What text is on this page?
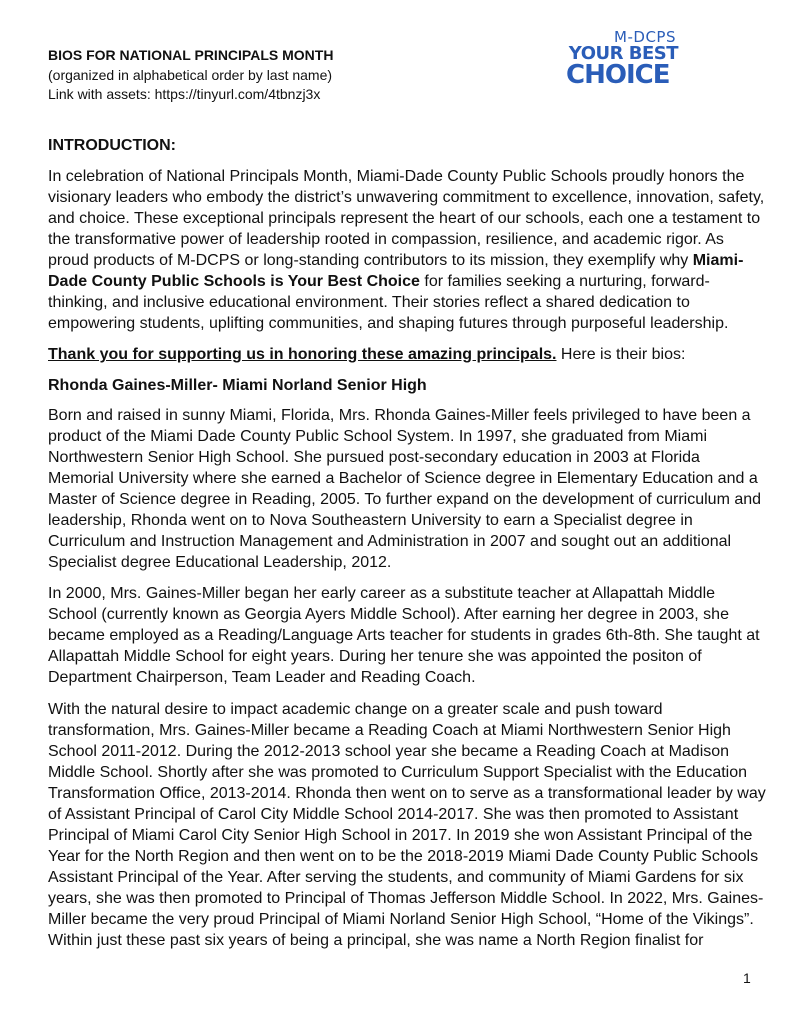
BIOS FOR NATIONAL PRINCIPALS MONTH
(organized in alphabetical order by last name)
Link with assets: https://tinyurl.com/4tbnzj3x
M-DCPS
YOUR BEST
CHOICE
INTRODUCTION:
In celebration of National Principals Month, Miami-Dade County Public Schools proudly honors the
visionary leaders who embody the district’s unwavering commitment to excellence, innovation, safety,
and choice. These exceptional principals represent the heart of our schools, each one a testament to
the transformative power of leadership rooted in compassion, resilience, and academic rigor. As
proud products of M-DCPS or long-standing contributors to its mission, they exemplify why Miami-
Dade County Public Schools is Your Best Choice for families seeking a nurturing, forward-
thinking, and inclusive educational environment. Their stories reflect a shared dedication to
empowering students, uplifting communities, and shaping futures through purposeful leadership.
Thank you for supporting us in honoring these amazing principals. Here is their bios:
Rhonda Gaines-Miller- Miami Norland Senior High
Born and raised in sunny Miami, Florida, Mrs. Rhonda Gaines-Miller feels privileged to have been a
product of the Miami Dade County Public School System. In 1997, she graduated from Miami
Northwestern Senior High School. She pursued post-secondary education in 2003 at Florida
Memorial University where she earned a Bachelor of Science degree in Elementary Education and a
Master of Science degree in Reading, 2005. To further expand on the development of curriculum and
leadership, Rhonda went on to Nova Southeastern University to earn a Specialist degree in
Curriculum and Instruction Management and Administration in 2007 and sought out an additional
Specialist degree Educational Leadership, 2012.
In 2000, Mrs. Gaines-Miller began her early career as a substitute teacher at Allapattah Middle
School (currently known as Georgia Ayers Middle School). After earning her degree in 2003, she
became employed as a Reading/Language Arts teacher for students in grades 6th-8th. She taught at
Allapattah Middle School for eight years. During her tenure she was appointed the positon of
Department Chairperson, Team Leader and Reading Coach.
With the natural desire to impact academic change on a greater scale and push toward
transformation, Mrs. Gaines-Miller became a Reading Coach at Miami Northwestern Senior High
School 2011-2012. During the 2012-2013 school year she became a Reading Coach at Madison
Middle School. Shortly after she was promoted to Curriculum Support Specialist with the Education
Transformation Office, 2013-2014. Rhonda then went on to serve as a transformational leader by way
of Assistant Principal of Carol City Middle School 2014-2017. She was then promoted to Assistant
Principal of Miami Carol City Senior High School in 2017. In 2019 she won Assistant Principal of the
Year for the North Region and then went on to be the 2018-2019 Miami Dade County Public Schools
Assistant Principal of the Year. After serving the students, and community of Miami Gardens for six
years, she was then promoted to Principal of Thomas Jefferson Middle School. In 2022, Mrs. Gaines-
Miller became the very proud Principal of Miami Norland Senior High School, “Home of the Vikings”.
Within just these past six years of being a principal, she was name a North Region finalist for
1
